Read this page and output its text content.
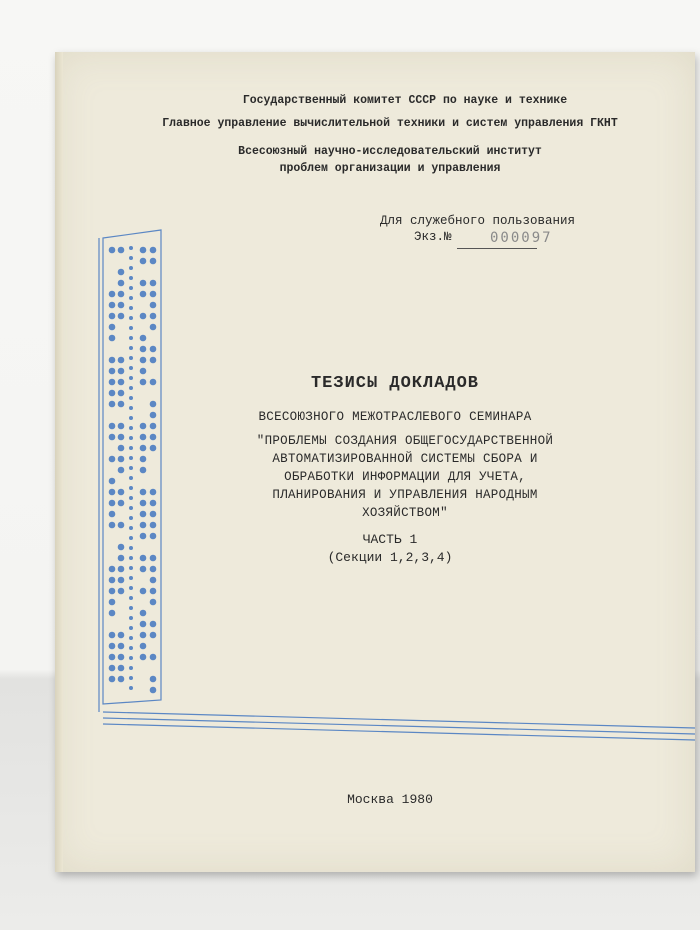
Государственный комитет СССР по науке и технике

Главное управление вычислительной техники и систем управления ГКНТ

Всесоюзный научно-исследовательский институт

проблем организации и управления

Для служебного пользования
Экз.№	000097

ТЕЗИСЫ ДОКЛАДОВ

ВСЕСОЮЗНОГО МЕЖОТРАСЛЕВОГО СЕМИНАРА

"ПРОБЛЕМЫ СОЗДАНИЯ ОБЩЕГОСУДАРСТВЕННОЙ

АВТОМАТИЗИРОВАННОЙ СИСТЕМЫ СБОРА И

ОБРАБОТКИ ИНФОРМАЦИИ ДЛЯ УЧЕТА,

ПЛАНИРОВАНИЯ И УПРАВЛЕНИЯ НАРОДНЫМ

ХОЗЯЙСТВОМ"

ЧАСТЬ 1

(Секции 1,2,3,4)

Москва 1980
